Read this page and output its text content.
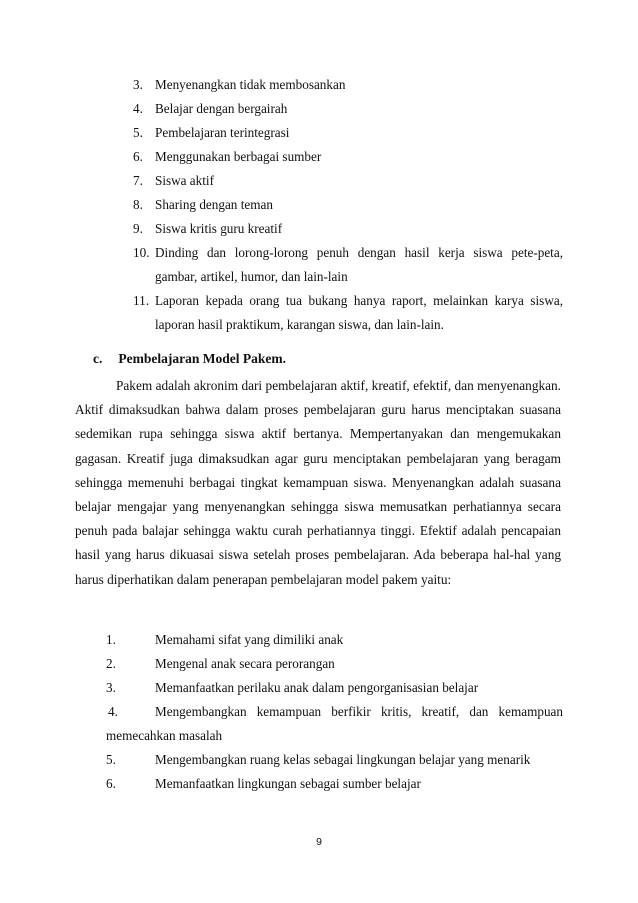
3. Menyenangkan tidak membosankan
4. Belajar dengan bergairah
5. Pembelajaran terintegrasi
6. Menggunakan berbagai sumber
7. Siswa aktif
8. Sharing dengan teman
9. Siswa kritis guru kreatif
10. Dinding dan lorong-lorong penuh dengan hasil kerja siswa pete-peta,
gambar, artikel, humor, dan lain-lain
11. Laporan kepada orang tua bukang hanya raport, melainkan karya siswa,
laporan hasil praktikum, karangan siswa, dan lain-lain.
c. Pembelajaran Model Pakem.

Pakem adalah akronim dari pembelajaran aktif, kreatif, efektif, dan menyenangkan. Aktif dimaksudkan bahwa dalam proses pembelajaran guru harus menciptakan suasana sedemikan rupa sehingga siswa aktif bertanya. Mempertanyakan dan mengemukakan gagasan. Kreatif juga dimaksudkan agar guru menciptakan pembelajaran yang beragam sehingga memenuhi berbagai tingkat kemampuan siswa. Menyenangkan adalah suasana belajar mengajar yang menyenangkan sehingga siswa memusatkan perhatiannya secara penuh pada balajar sehingga waktu curah perhatiannya tinggi. Efektif adalah pencapaian hasil yang harus dikuasai siswa setelah proses pembelajaran. Ada beberapa hal-hal yang harus diperhatikan dalam penerapan pembelajaran model pakem yaitu:

1.	Memahami sifat yang dimiliki anak
2.	Mengenal anak secara perorangan
3.	Memanfaatkan perilaku anak dalam pengorganisasian belajar
4.	Mengembangkan kemampuan berfikir kritis, kreatif, dan kemampuan
memecahkan masalah
5.	Mengembangkan ruang kelas sebagai lingkungan belajar yang menarik
6.	Memanfaatkan lingkungan sebagai sumber belajar
9
